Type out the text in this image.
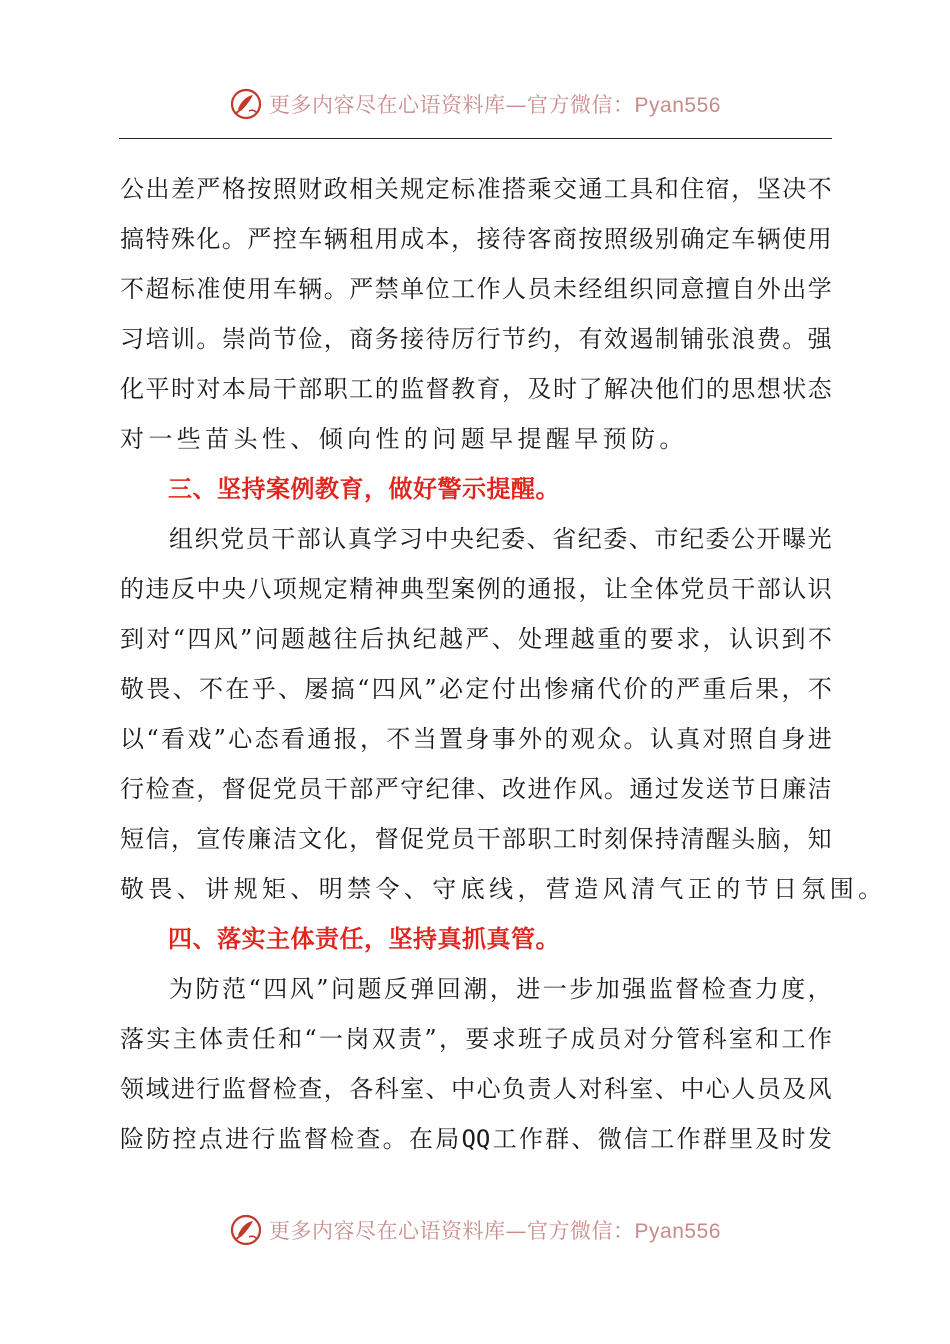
更多内容尽在心语资料库—官方微信：Pyan556
公 出 差 严 格 按 照 财 政 相 关 规 定 标 准 搭 乘 交 通 工 具 和 住 宿 ， 坚 决 不
搞 特 殊 化 。 严 控 车 辆 租 用 成 本 ， 接 待 客 商 按 照 级 别 确 定 车 辆 使 用
不 超 标 准 使 用 车 辆 。 严 禁 单 位 工 作 人 员 未 经 组 织 同 意 擅 自 外 出 学
习 培 训 。 崇 尚 节 俭 ， 商 务 接 待 厉 行 节 约 ， 有 效 遏 制 铺 张 浪 费 。 强
化 平 时 对 本 局 干 部 职 工 的 监 督 教 育 ， 及 时 了 解 决 他 们 的 思 想 状 态
对 一 些 苗 头 性 、 倾 向 性 的 问 题 早 提 醒 早 预 防 。
三、坚持案例教育，做好警示提醒。
组 织 党 员 干 部 认 真 学 习 中 央 纪 委 、 省 纪 委 、 市 纪 委 公 开 曝 光
的 违 反 中 央 八 项 规 定 精 神 典 型 案 例 的 通 报 ， 让 全 体 党 员 干 部 认 识
到 对 “ 四 风 ” 问 题 越 往 后 执 纪 越 严 、 处 理 越 重 的 要 求 ， 认 识 到 不
敬 畏 、 不 在 乎 、 屡 搞 “ 四 风 ” 必 定 付 出 惨 痛 代 价 的 严 重 后 果 ， 不
以 “ 看 戏 ” 心 态 看 通 报 ， 不 当 置 身 事 外 的 观 众 。 认 真 对 照 自 身 进
行 检 查 ， 督 促 党 员 干 部 严 守 纪 律 、 改 进 作 风 。 通 过 发 送 节 日 廉 洁
短 信 ， 宣 传 廉 洁 文 化 ， 督 促 党 员 干 部 职 工 时 刻 保 持 清 醒 头 脑 ， 知
敬 畏 、 讲 规 矩 、 明 禁 令 、 守 底 线 ， 营 造 风 清 气 正 的 节 日 氛 围 。
四、落实主体责任，坚持真抓真管。
为 防 范 “ 四 风 ” 问 题 反 弹 回 潮 ， 进 一 步 加 强 监 督 检 查 力 度 ，
落 实 主 体 责 任 和 “ 一 岗 双 责 ” ， 要 求 班 子 成 员 对 分 管 科 室 和 工 作
领 域 进 行 监 督 检 查 ， 各 科 室 、 中 心 负 责 人 对 科 室 、 中 心 人 员 及 风
险 防 控 点 进 行 监 督 检 查 。 在 局 QQ 工 作 群 、 微 信 工 作 群 里 及 时 发
更多内容尽在心语资料库—官方微信：Pyan556
